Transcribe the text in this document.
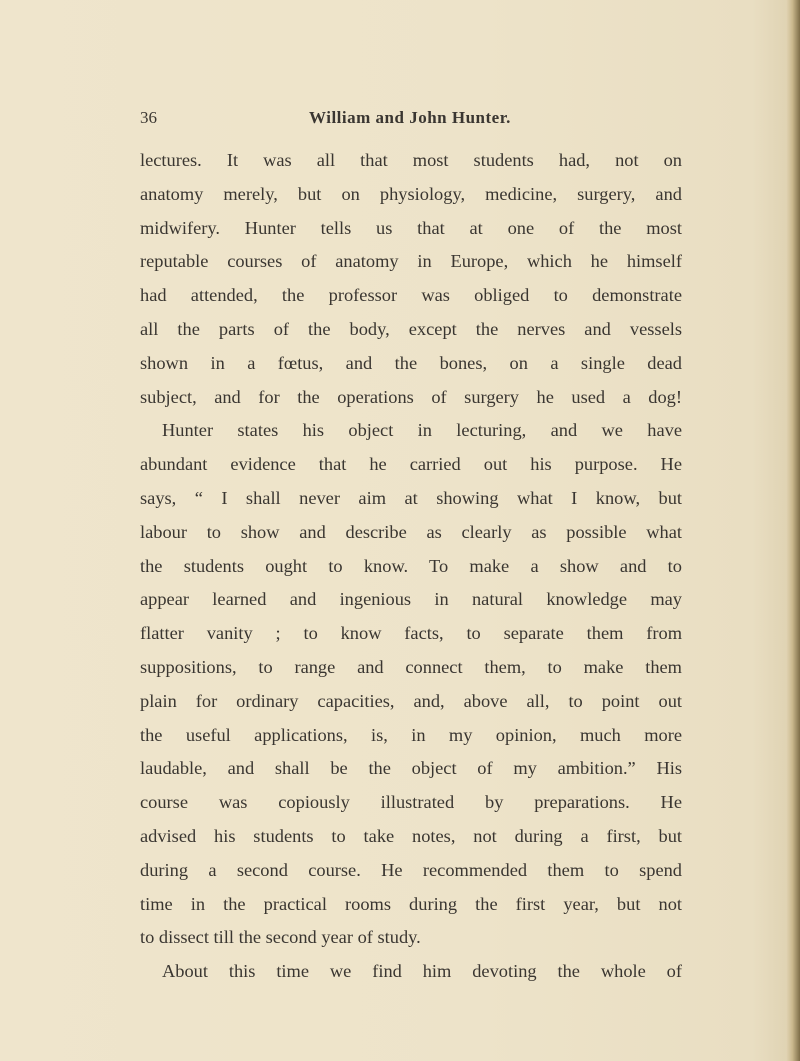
36	William and John Hunter.
lectures. It was all that most students had, not on
anatomy merely, but on physiology, medicine, surgery, and
midwifery. Hunter tells us that at one of the most
reputable courses of anatomy in Europe, which he himself
had attended, the professor was obliged to demonstrate
all the parts of the body, except the nerves and vessels
shown in a fœtus, and the bones, on a single dead
subject, and for the operations of surgery he used a dog!
Hunter states his object in lecturing, and we have
abundant evidence that he carried out his purpose. He
says, “ I shall never aim at showing what I know, but
labour to show and describe as clearly as possible what
the students ought to know. To make a show and to
appear learned and ingenious in natural knowledge may
flatter vanity ; to know facts, to separate them from
suppositions, to range and connect them, to make them
plain for ordinary capacities, and, above all, to point out
the useful applications, is, in my opinion, much more
laudable, and shall be the object of my ambition.” His
course was copiously illustrated by preparations. He
advised his students to take notes, not during a first, but
during a second course. He recommended them to spend
time in the practical rooms during the first year, but not
to dissect till the second year of study.
About this time we find him devoting the whole of
